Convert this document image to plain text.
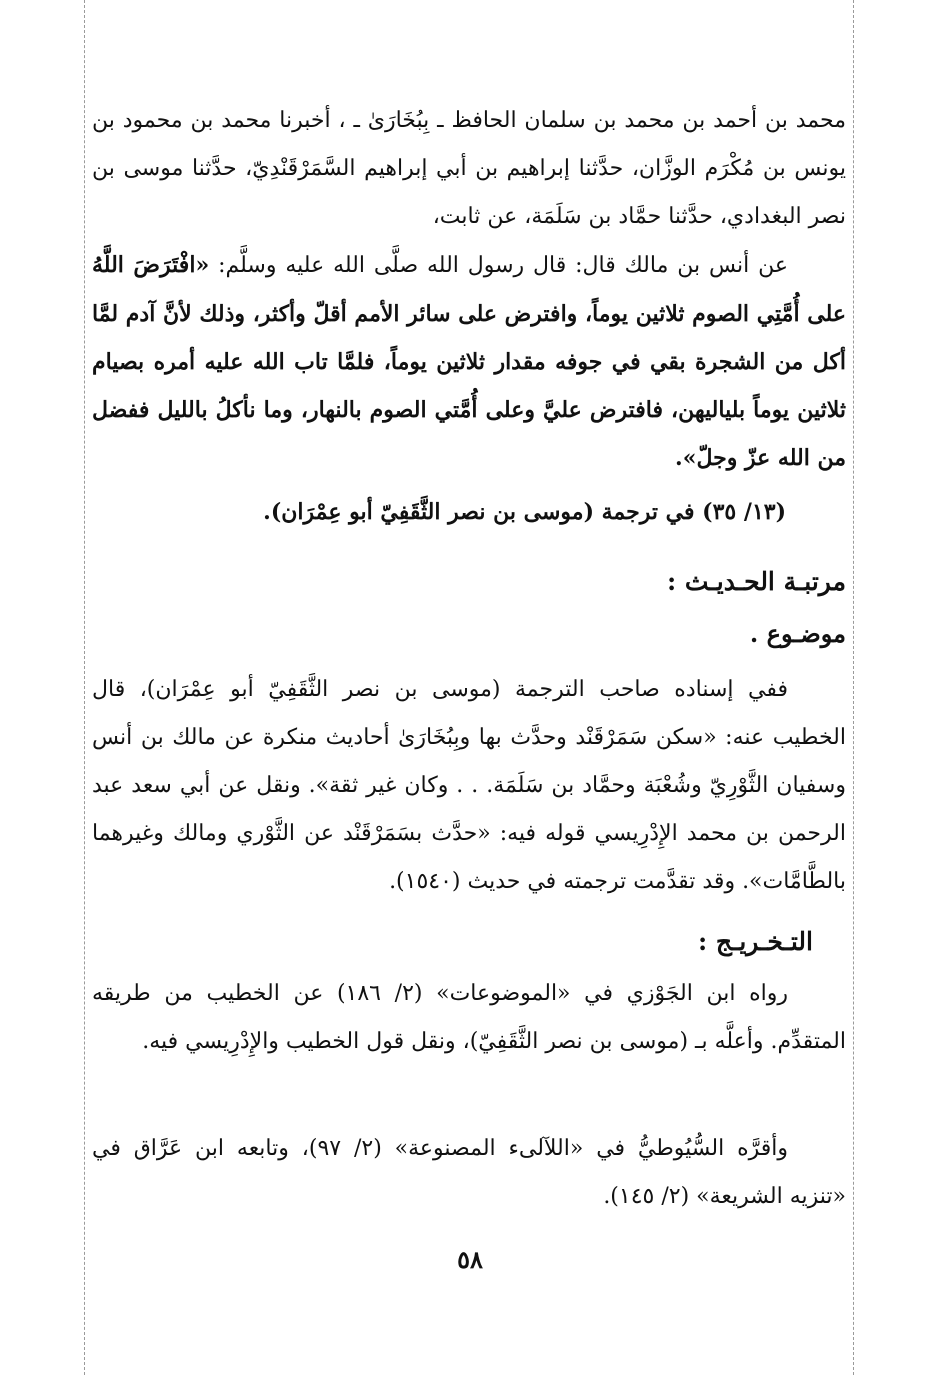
محمد بن أحمد بن محمد بن سلمان الحافظ ـ بِبُخَارَىٰ ـ ، أخبرنا محمد بن محمود بن يونس بن مُكْرَم الوزَّان، حدَّثنا إبراهيم بن أبي إبراهيم السَّمَرْقَنْدِيّ، حدَّثنا موسى بن نصر البغدادي، حدَّثنا حمَّاد بن سَلَمَة، عن ثابت،

عن أنس بن مالك قال: قال رسول الله صلَّى الله عليه وسلَّم: «افْتَرَضَ اللَّهُ على أُمَّتِي الصوم ثلاثين يوماً، وافترض على سائر الأمم أقلّ وأكثر، وذلك لأنَّ آدم لمَّا أكل من الشجرة بقي في جوفه مقدار ثلاثين يوماً، فلمَّا تاب الله عليه أمره بصيام ثلاثين يوماً بلياليهن، فافترض عليَّ وعلى أُمَّتي الصوم بالنهار، وما نأكلُ بالليل ففضل من الله عزّ وجلّ».

(١٣/ ٣٥) في ترجمة (موسى بن نصر الثَّقَفِيّ أبو عِمْرَان).
مرتبـة الحـديـث :
موضـوع .

ففي إسناده صاحب الترجمة (موسى بن نصر الثَّقَفِيّ أبو عِمْرَان)، قال الخطيب عنه: «سكن سَمَرْقَنْد وحدَّث بها وبِبُخَارَىٰ أحاديث منكرة عن مالك بن أنس وسفيان الثَّوْرِيّ وشُعْبَة وحمَّاد بن سَلَمَة. . . وكان غير ثقة». ونقل عن أبي سعد عبد الرحمن بن محمد الإِدْرِيسي قوله فيه: «حدَّث بسَمَرْقَنْد عن الثَّوْري ومالك وغيرهما بالطَّامَّات». وقد تقدَّمت ترجمته في حديث (١٥٤٠).

التـخـريـج :

رواه ابن الجَوْزي في «الموضوعات» (٢/ ١٨٦) عن الخطيب من طريقه المتقدِّم. وأعلَّه بـ (موسى بن نصر الثَّقَفِيّ)، ونقل قول الخطيب والإِدْرِيسي فيه.

وأقرَّه السُّيُوطيُّ في «اللآلىء المصنوعة» (٢/ ٩٧)، وتابعه ابن عَرَّاق في «تنزيه الشريعة» (٢/ ١٤٥).

٥٨
